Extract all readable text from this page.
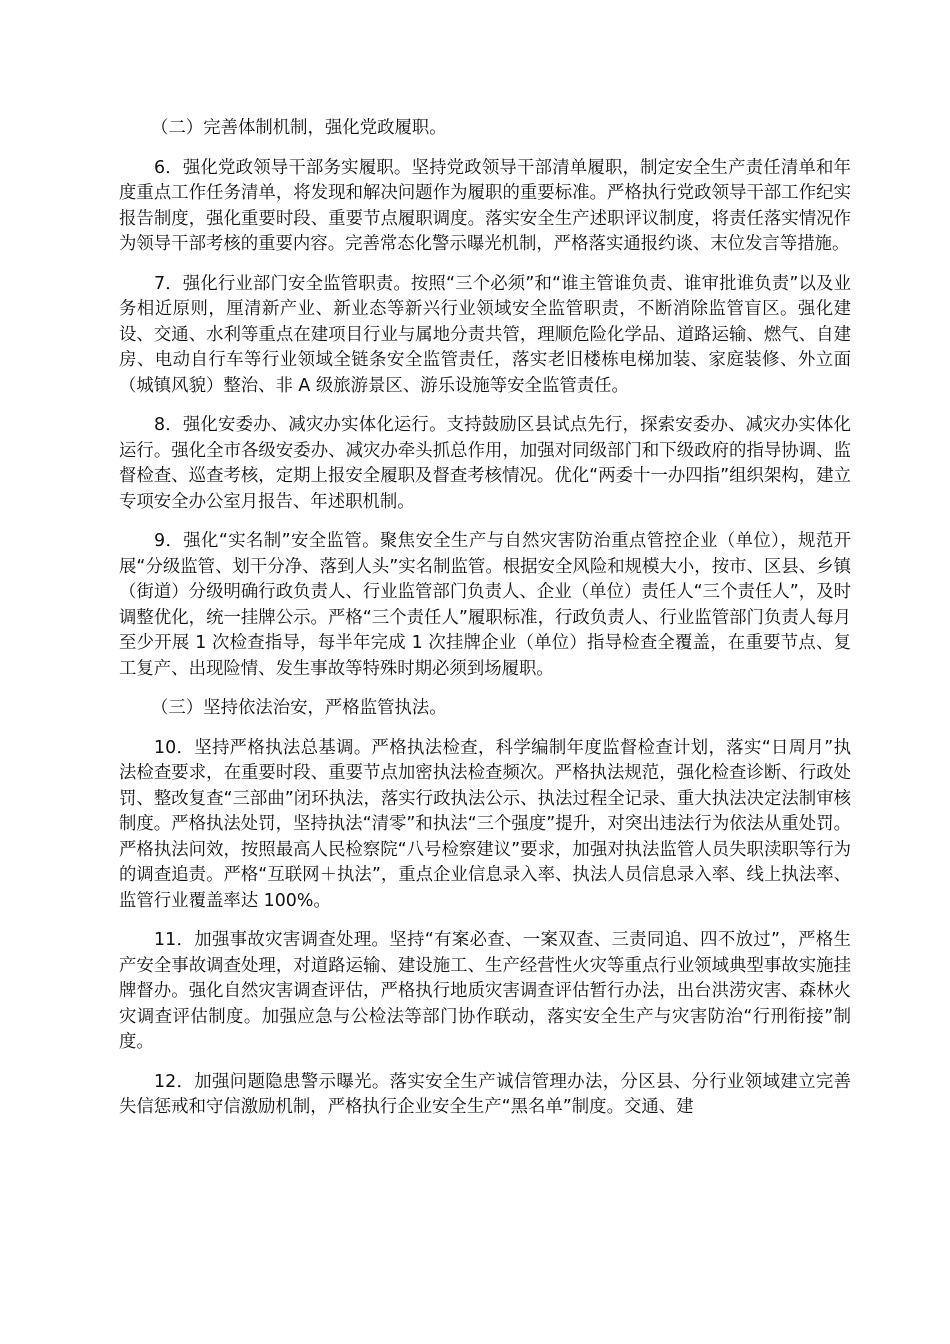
（二）完善体制机制，强化党政履职。
6．强化党政领导干部务实履职。坚持党政领导干部清单履职，制定安全生产责任清单和年度重点工作任务清单，将发现和解决问题作为履职的重要标准。严格执行党政领导干部工作纪实报告制度，强化重要时段、重要节点履职调度。落实安全生产述职评议制度，将责任落实情况作为领导干部考核的重要内容。完善常态化警示曝光机制，严格落实通报约谈、末位发言等措施。
7．强化行业部门安全监管职责。按照“三个必须”和“谁主管谁负责、谁审批谁负责”以及业务相近原则，厘清新产业、新业态等新兴行业领域安全监管职责，不断消除监管盲区。强化建设、交通、水利等重点在建项目行业与属地分责共管，理顺危险化学品、道路运输、燃气、自建房、电动自行车等行业领域全链条安全监管责任，落实老旧楼栋电梯加装、家庭装修、外立面（城镇风貌）整治、非 A 级旅游景区、游乐设施等安全监管责任。
8．强化安委办、减灾办实体化运行。支持鼓励区县试点先行，探索安委办、减灾办实体化运行。强化全市各级安委办、减灾办牵头抓总作用，加强对同级部门和下级政府的指导协调、监督检查、巡查考核，定期上报安全履职及督查考核情况。优化“两委十一办四指”组织架构，建立专项安全办公室月报告、年述职机制。
9．强化“实名制”安全监管。聚焦安全生产与自然灾害防治重点管控企业（单位），规范开展“分级监管、划干分净、落到人头”实名制监管。根据安全风险和规模大小，按市、区县、乡镇（街道）分级明确行政负责人、行业监管部门负责人、企业（单位）责任人“三个责任人”，及时调整优化，统一挂牌公示。严格“三个责任人”履职标准，行政负责人、行业监管部门负责人每月至少开展 1 次检查指导，每半年完成 1 次挂牌企业（单位）指导检查全覆盖，在重要节点、复工复产、出现险情、发生事故等特殊时期必须到场履职。
（三）坚持依法治安，严格监管执法。
10．坚持严格执法总基调。严格执法检查，科学编制年度监督检查计划，落实“日周月”执法检查要求，在重要时段、重要节点加密执法检查频次。严格执法规范，强化检查诊断、行政处罚、整改复查“三部曲”闭环执法，落实行政执法公示、执法过程全记录、重大执法决定法制审核制度。严格执法处罚，坚持执法“清零”和执法“三个强度”提升，对突出违法行为依法从重处罚。严格执法问效，按照最高人民检察院“八号检察建议”要求，加强对执法监管人员失职渎职等行为的调查追责。严格“互联网＋执法”，重点企业信息录入率、执法人员信息录入率、线上执法率、监管行业覆盖率达 100%。
11．加强事故灾害调查处理。坚持“有案必查、一案双查、三责同追、四不放过”，严格生产安全事故调查处理，对道路运输、建设施工、生产经营性火灾等重点行业领域典型事故实施挂牌督办。强化自然灾害调查评估，严格执行地质灾害调查评估暂行办法，出台洪涝灾害、森林火灾调查评估制度。加强应急与公检法等部门协作联动，落实安全生产与灾害防治“行刑衔接”制度。
12．加强问题隐患警示曝光。落实安全生产诚信管理办法，分区县、分行业领域建立完善失信惩戒和守信激励机制，严格执行企业安全生产“黑名单”制度。交通、建
